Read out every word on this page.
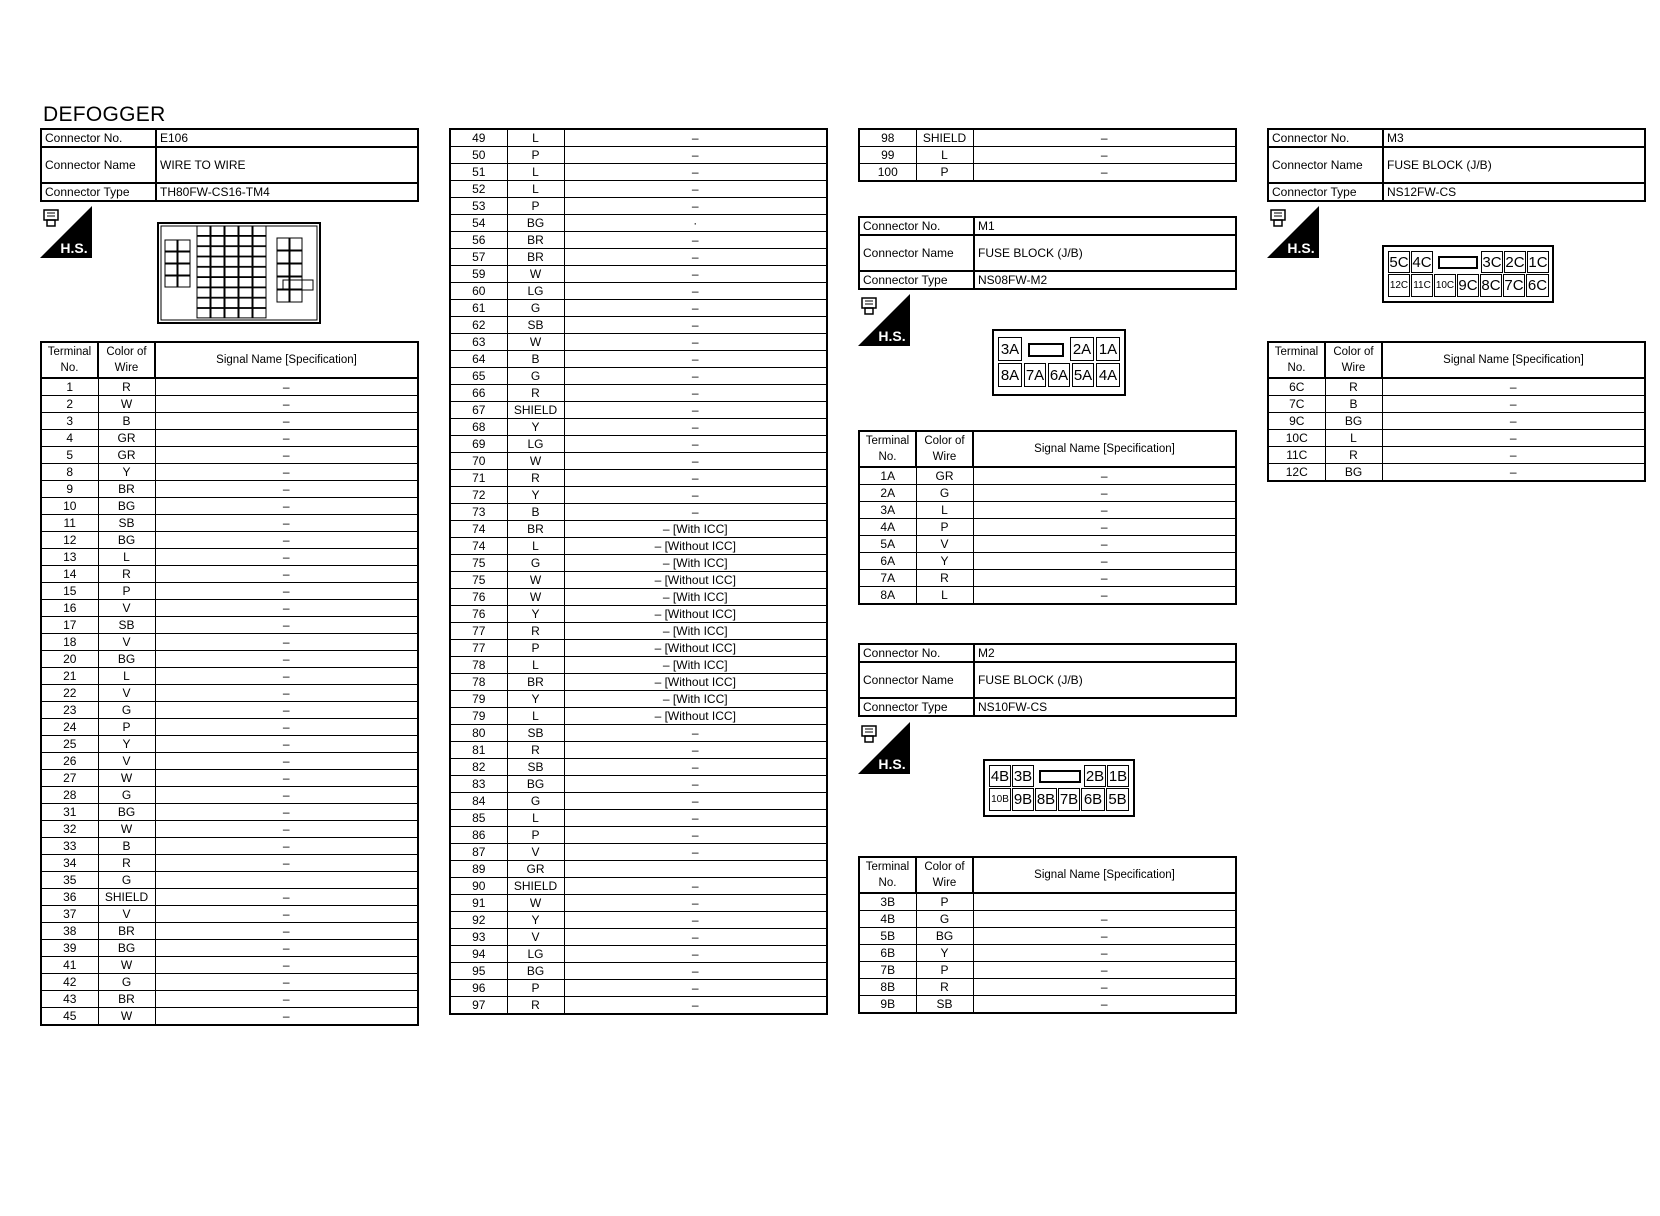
DEFOGGER
Connector No.	E106
Connector Name	WIRE TO WIRE
Connector Type	TH80FW-CS16-TM4
H.S.
Terminal No.	Color of Wire	Signal Name [Specification]
1	R	–
2	W	–
3	B	–
4	GR	–
5	GR	–
8	Y	–
9	BR	–
10	BG	–
11	SB	–
12	BG	–
13	L	–
14	R	–
15	P	–
16	V	–
17	SB	–
18	V	–
20	BG	–
21	L	–
22	V	–
23	G	–
24	P	–
25	Y	–
26	V	–
27	W	–
28	G	–
31	BG	–
32	W	–
33	B	–
34	R	–
35	G	
36	SHIELD	–
37	V	–
38	BR	–
39	BG	–
41	W	–
42	G	–
43	BR	–
45	W	–
49	L	–
50	P	–
51	L	–
52	L	–
53	P	–
54	BG	·
56	BR	–
57	BR	–
59	W	–
60	LG	–
61	G	–
62	SB	–
63	W	–
64	B	–
65	G	–
66	R	–
67	SHIELD	–
68	Y	–
69	LG	–
70	W	–
71	R	–
72	Y	–
73	B	–
74	BR	– [With ICC]
74	L	– [Without ICC]
75	G	– [With ICC]
75	W	– [Without ICC]
76	W	– [With ICC]
76	Y	– [Without ICC]
77	R	– [With ICC]
77	P	– [Without ICC]
78	L	– [With ICC]
78	BR	– [Without ICC]
79	Y	– [With ICC]
79	L	– [Without ICC]
80	SB	–
81	R	–
82	SB	–
83	BG	–
84	G	–
85	L	–
86	P	–
87	V	–
89	GR	
90	SHIELD	–
91	W	–
92	Y	–
93	V	–
94	LG	–
95	BG	–
96	P	–
97	R	–
98	SHIELD	–
99	L	–
100	P	–
Connector No.	M1
Connector Name	FUSE BLOCK (J/B)
Connector Type	NS08FW-M2
H.S.
3A	2A 1A
8A 7A 6A 5A 4A
Terminal No.	Color of Wire	Signal Name [Specification]
1A	GR	–
2A	G	–
3A	L	–
4A	P	–
5A	V	–
6A	Y	–
7A	R	–
8A	L	–
Connector No.	M2
Connector Name	FUSE BLOCK (J/B)
Connector Type	NS10FW-CS
H.S.
4B 3B	2B 1B
10B 9B 8B 7B 6B 5B
Terminal No.	Color of Wire	Signal Name [Specification]
3B	P	
4B	G	–
5B	BG	–
6B	Y	–
7B	P	–
8B	R	–
9B	SB	–
Connector No.	M3
Connector Name	FUSE BLOCK (J/B)
Connector Type	NS12FW-CS
H.S.
5C 4C	3C 2C 1C
12C 11C 10C 9C 8C 7C 6C
Terminal No.	Color of Wire	Signal Name [Specification]
6C	R	–
7C	B	–
9C	BG	–
10C	L	–
11C	R	–
12C	BG	–
